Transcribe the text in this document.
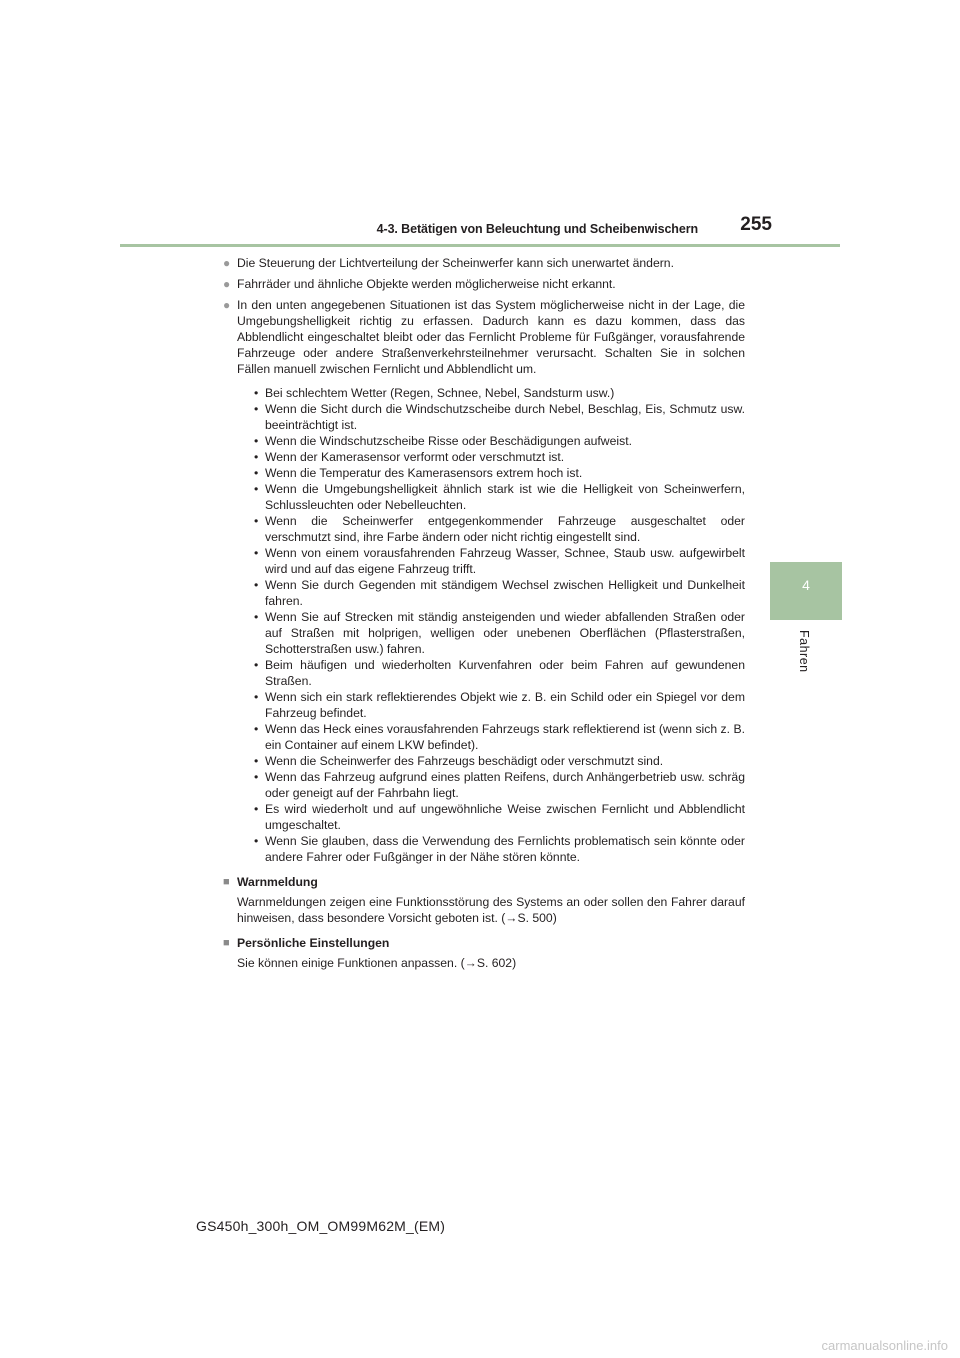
4-3. Betätigen von Beleuchtung und Scheibenwischern 255
4
Fahren
● Die Steuerung der Lichtverteilung der Scheinwerfer kann sich unerwartet ändern.
● Fahrräder und ähnliche Objekte werden möglicherweise nicht erkannt.
● In den unten angegebenen Situationen ist das System möglicherweise nicht in der Lage, die Umgebungshelligkeit richtig zu erfassen. Dadurch kann es dazu kommen, dass das Abblendlicht eingeschaltet bleibt oder das Fernlicht Probleme für Fußgänger, vorausfahrende Fahrzeuge oder andere Straßenverkehrsteilnehmer verursacht. Schalten Sie in solchen Fällen manuell zwischen Fernlicht und Abblendlicht um.
• Bei schlechtem Wetter (Regen, Schnee, Nebel, Sandsturm usw.)
• Wenn die Sicht durch die Windschutzscheibe durch Nebel, Beschlag, Eis, Schmutz usw. beeinträchtigt ist.
• Wenn die Windschutzscheibe Risse oder Beschädigungen aufweist.
• Wenn der Kamerasensor verformt oder verschmutzt ist.
• Wenn die Temperatur des Kamerasensors extrem hoch ist.
• Wenn die Umgebungshelligkeit ähnlich stark ist wie die Helligkeit von Scheinwerfern, Schlussleuchten oder Nebelleuchten.
• Wenn die Scheinwerfer entgegenkommender Fahrzeuge ausgeschaltet oder verschmutzt sind, ihre Farbe ändern oder nicht richtig eingestellt sind.
• Wenn von einem vorausfahrenden Fahrzeug Wasser, Schnee, Staub usw. aufgewirbelt wird und auf das eigene Fahrzeug trifft.
• Wenn Sie durch Gegenden mit ständigem Wechsel zwischen Helligkeit und Dunkelheit fahren.
• Wenn Sie auf Strecken mit ständig ansteigenden und wieder abfallenden Straßen oder auf Straßen mit holprigen, welligen oder unebenen Oberflächen (Pflasterstraßen, Schotterstraßen usw.) fahren.
• Beim häufigen und wiederholten Kurvenfahren oder beim Fahren auf gewundenen Straßen.
• Wenn sich ein stark reflektierendes Objekt wie z. B. ein Schild oder ein Spiegel vor dem Fahrzeug befindet.
• Wenn das Heck eines vorausfahrenden Fahrzeugs stark reflektierend ist (wenn sich z. B. ein Container auf einem LKW befindet).
• Wenn die Scheinwerfer des Fahrzeugs beschädigt oder verschmutzt sind.
• Wenn das Fahrzeug aufgrund eines platten Reifens, durch Anhängerbetrieb usw. schräg oder geneigt auf der Fahrbahn liegt.
• Es wird wiederholt und auf ungewöhnliche Weise zwischen Fernlicht und Abblendlicht umgeschaltet.
• Wenn Sie glauben, dass die Verwendung des Fernlichts problematisch sein könnte oder andere Fahrer oder Fußgänger in der Nähe stören könnte.
■ Warnmeldung
Warnmeldungen zeigen eine Funktionsstörung des Systems an oder sollen den Fahrer darauf hinweisen, dass besondere Vorsicht geboten ist. (→S. 500)
■ Persönliche Einstellungen
Sie können einige Funktionen anpassen. (→S. 602)
GS450h_300h_OM_OM99M62M_(EM)
carmanualsonline.info
